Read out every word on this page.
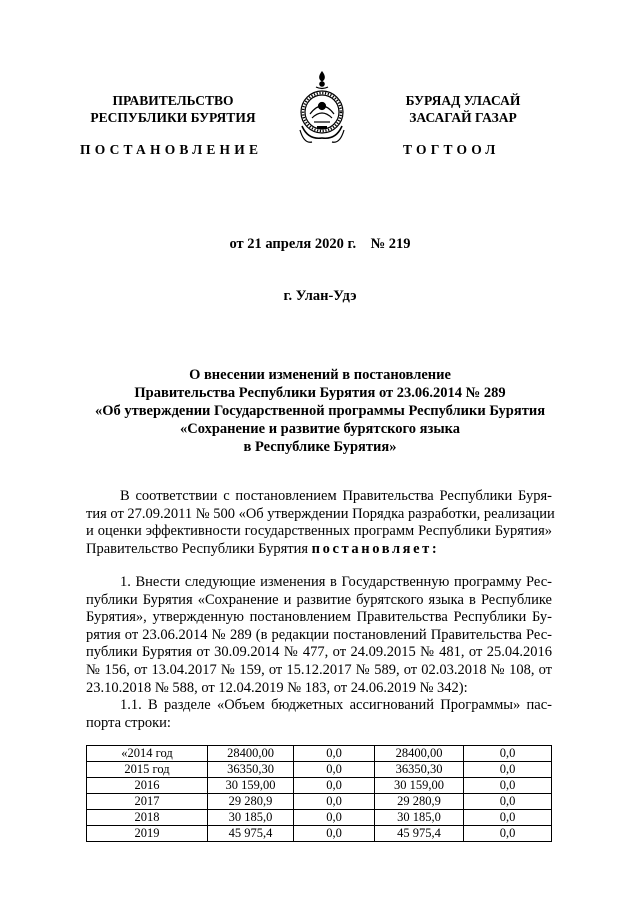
ПРАВИТЕЛЬСТВО
РЕСПУБЛИКИ БУРЯТИЯ
ПОСТАНОВЛЕНИЕ
БУРЯАД УЛАСАЙ
ЗАСАГАЙ ГАЗАР
ТОГТООЛ
от 21 апреля 2020 г.    № 219
г. Улан-Удэ
О внесении изменений в постановление
Правительства Республики Бурятия от 23.06.2014 № 289
«Об утверждении Государственной программы Республики Бурятия
«Сохранение и развитие бурятского языка
в Республике Бурятия»
В соответствии с постановлением Правительства Республики Буря-
тия от 27.09.2011 № 500 «Об утверждении Порядка разработки, реализации
и оценки эффективности государственных программ Республики Бурятия»
Правительство Республики Бурятия постановляет:
1. Внести следующие изменения в Государственную программу Рес-
публики Бурятия «Сохранение и развитие бурятского языка в Республике
Бурятия», утвержденную постановлением Правительства Республики Бу-
рятия от 23.06.2014 № 289 (в редакции постановлений Правительства Рес-
публики Бурятия от 30.09.2014 № 477, от 24.09.2015 № 481, от 25.04.2016
№ 156, от 13.04.2017 № 159, от 15.12.2017 № 589, от 02.03.2018 № 108, от
23.10.2018 № 588, от 12.04.2019 № 183, от 24.06.2019 № 342):
1.1. В разделе «Объем бюджетных ассигнований Программы» пас-
порта строки:
«2014 год	28400,00	0,0	28400,00	0,0
2015 год	36350,30	0,0	36350,30	0,0
2016	30 159,00	0,0	30 159,00	0,0
2017	29 280,9	0,0	29 280,9	0,0
2018	30 185,0	0,0	30 185,0	0,0
2019	45 975,4	0,0	45 975,4	0,0
